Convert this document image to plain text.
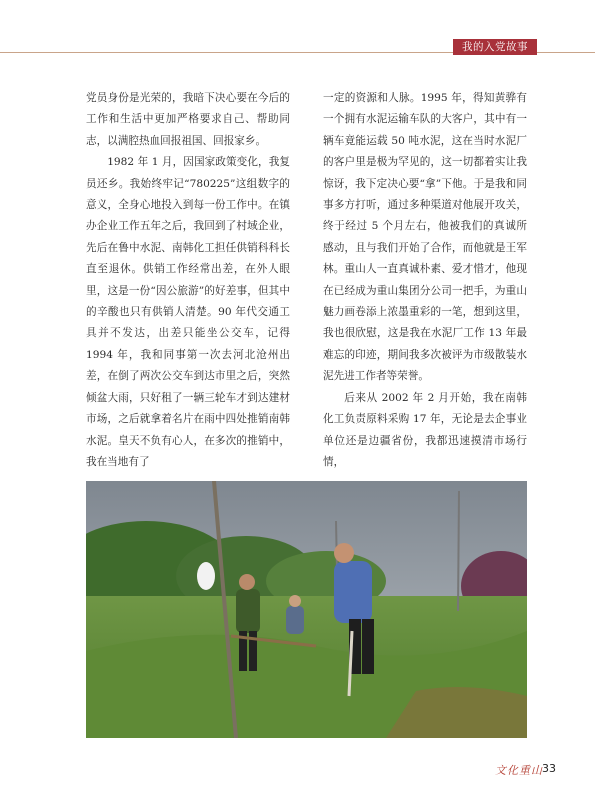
我的入党故事

党员身份是光荣的，我暗下决心要在今后的工作和生活中更加严格要求自己、帮助同志，以满腔热血回报祖国、回报家乡。

1982 年 1 月，因国家政策变化，我复员还乡。我始终牢记“780225”这组数字的意义，全身心地投入到每一份工作中。在镇办企业工作五年之后，我回到了村域企业，先后在鲁中水泥、南韩化工担任供销科科长直至退休。供销工作经常出差，在外人眼里，这是一份“因公旅游”的好差事，但其中的辛酸也只有供销人清楚。90 年代交通工具并不发达，出差只能坐公交车，记得 1994 年，我和同事第一次去河北沧州出差，在倒了两次公交车到达市里之后，突然倾盆大雨，只好租了一辆三轮车才到达建材市场，之后就拿着名片在雨中四处推销南韩水泥。皇天不负有心人，在多次的推销中，我在当地有了

一定的资源和人脉。1995 年，得知黄骅有一个拥有水泥运输车队的大客户，其中有一辆车竟能运载 50 吨水泥，这在当时水泥厂的客户里是极为罕见的，这一切都着实让我惊讶，我下定决心要“拿”下他。于是我和同事多方打听，通过多种渠道对他展开攻关，终于经过 5 个月左右，他被我们的真诚所感动，且与我们开始了合作，而他就是王军林。重山人一直真诚朴素、爱才惜才，他现在已经成为重山集团分公司一把手，为重山魅力画卷添上浓墨重彩的一笔，想到这里，我也很欣慰，这是我在水泥厂工作 13 年最难忘的印迹，期间我多次被评为市级散装水泥先进工作者等荣誉。

后来从 2002 年 2 月开始，我在南韩化工负责原料采购 17 年，无论是去企事业单位还是边疆省份，我都迅速摸清市场行情，

文化重山 33
